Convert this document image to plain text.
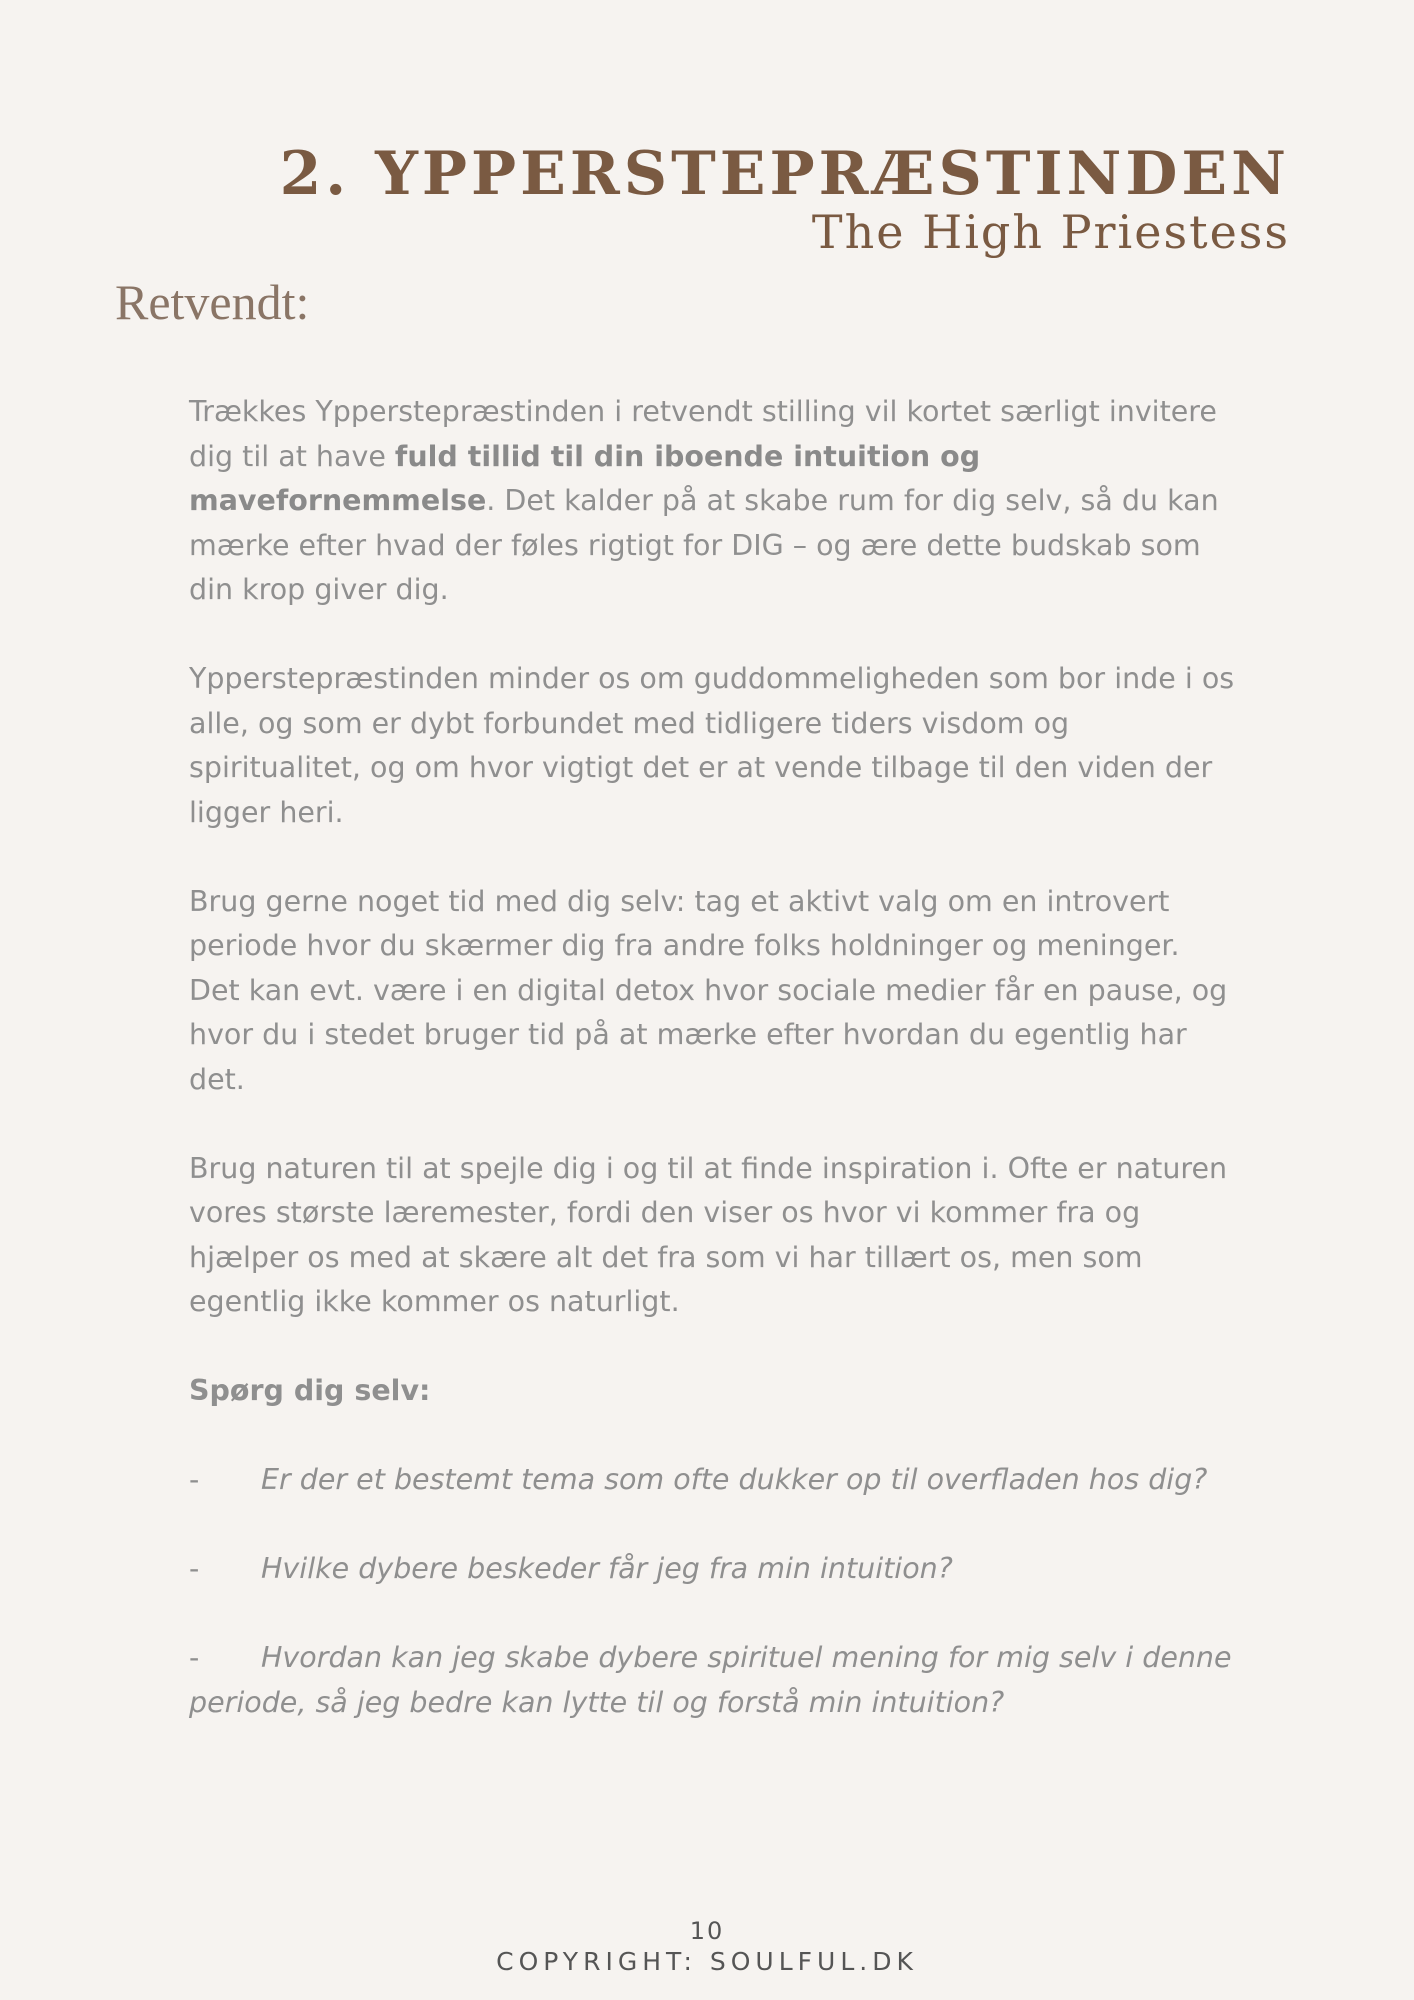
2. YPPERSTEPRÆSTINDEN
The High Priestess
Retvendt:

Trækkes Ypperstepræstinden i retvendt stilling vil kortet særligt invitere dig til at have fuld tillid til din iboende intuition og mavefornemmelse. Det kalder på at skabe rum for dig selv, så du kan mærke efter hvad der føles rigtigt for DIG – og ære dette budskab som din krop giver dig.

Ypperstepræstinden minder os om guddommeligheden som bor inde i os alle, og som er dybt forbundet med tidligere tiders visdom og spiritualitet, og om hvor vigtigt det er at vende tilbage til den viden der ligger heri.

Brug gerne noget tid med dig selv: tag et aktivt valg om en introvert periode hvor du skærmer dig fra andre folks holdninger og meninger. Det kan evt. være i en digital detox hvor sociale medier får en pause, og hvor du i stedet bruger tid på at mærke efter hvordan du egentlig har det.

Brug naturen til at spejle dig i og til at finde inspiration i. Ofte er naturen vores største læremester, fordi den viser os hvor vi kommer fra og hjælper os med at skære alt det fra som vi har tillært os, men som egentlig ikke kommer os naturligt.

Spørg dig selv:

- Er der et bestemt tema som ofte dukker op til overfladen hos dig?

- Hvilke dybere beskeder får jeg fra min intuition?

- Hvordan kan jeg skabe dybere spirituel mening for mig selv i denne periode, så jeg bedre kan lytte til og forstå min intuition?

10
COPYRIGHT: SOULFUL.DK
